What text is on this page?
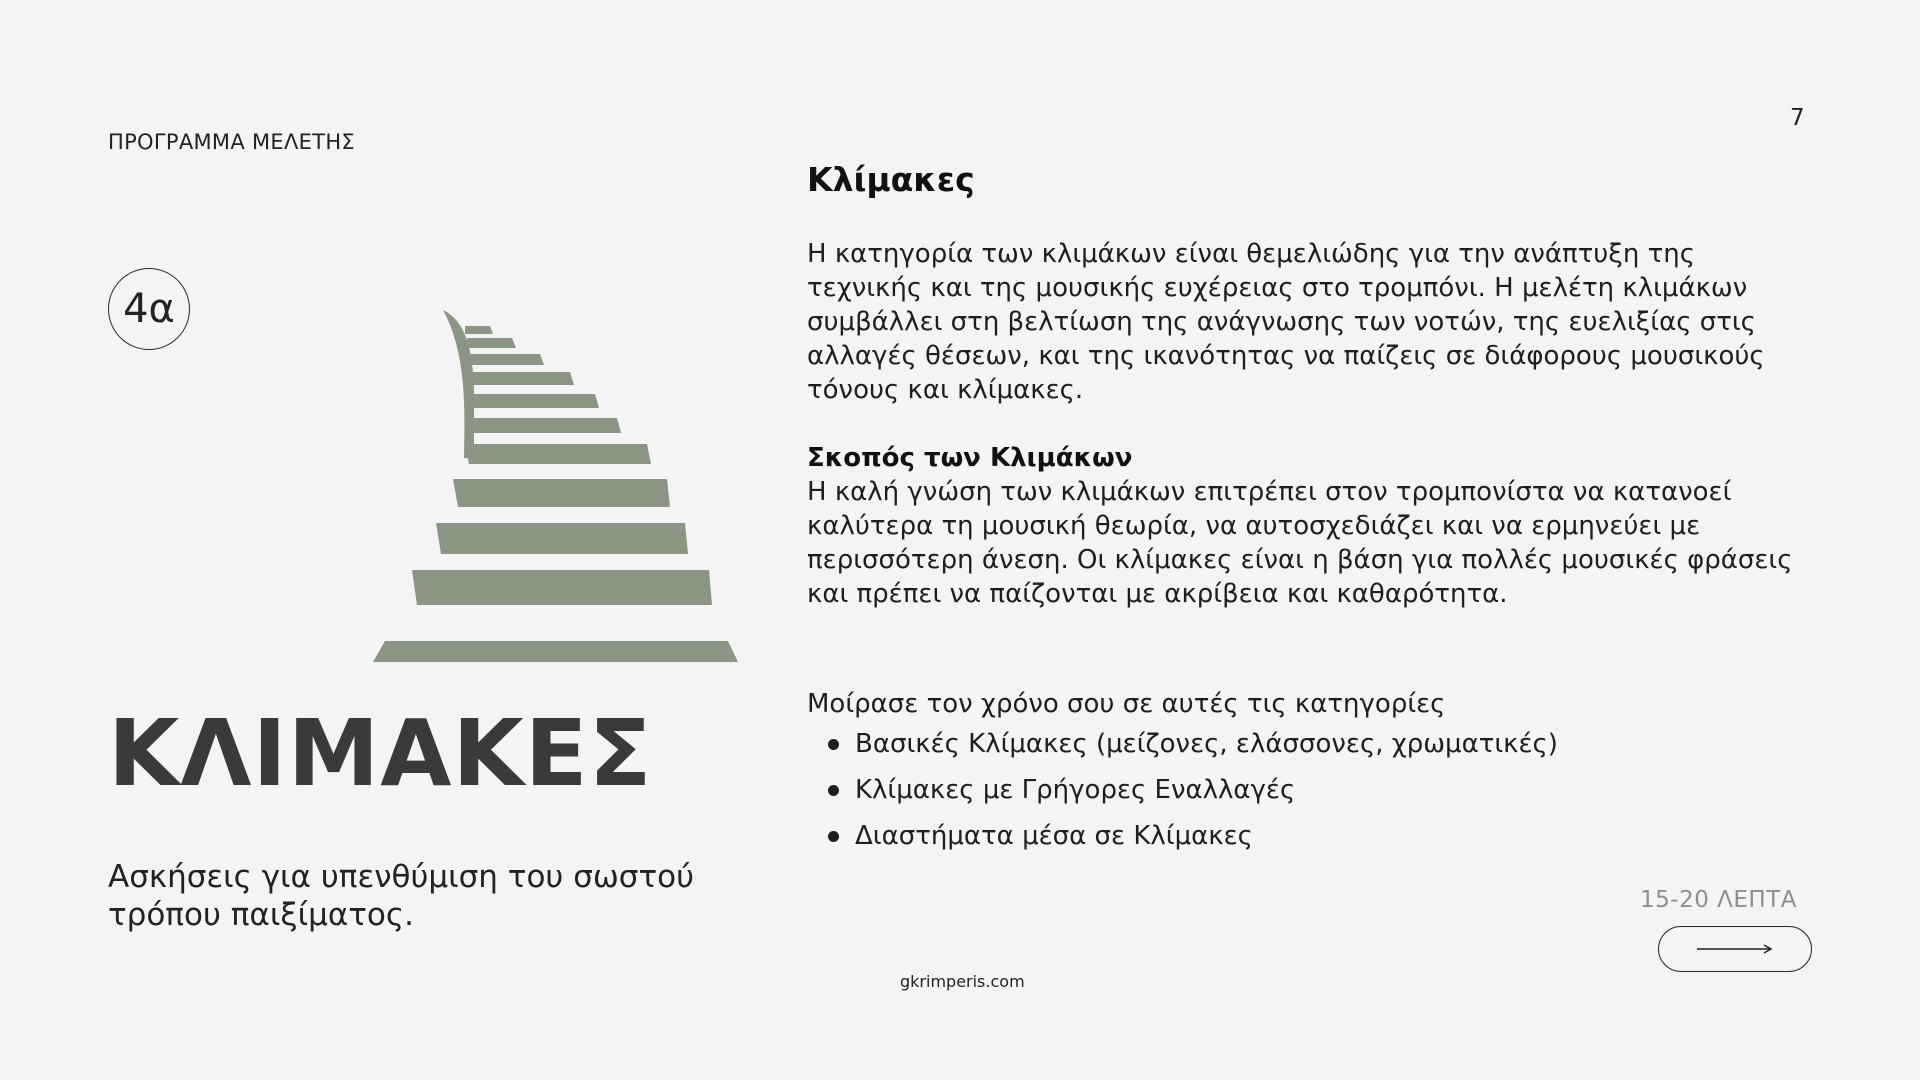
ΠΡΟΓΡΑΜΜΑ ΜΕΛΕΤΗΣ
7
4α
ΚΛΙΜΑΚΕΣ
Ασκήσεις για υπενθύμιση του σωστού τρόπου παιξίματος.
Κλίμακες

Η κατηγορία των κλιμάκων είναι θεμελιώδης για την ανάπτυξη της τεχνικής και της μουσικής ευχέρειας στο τρομπόνι. Η μελέτη κλιμάκων συμβάλλει στη βελτίωση της ανάγνωσης των νοτών, της ευελιξίας στις αλλαγές θέσεων, και της ικανότητας να παίζεις σε διάφορους μουσικούς τόνους και κλίμακες.

Σκοπός των Κλιμάκων

Η καλή γνώση των κλιμάκων επιτρέπει στον τρομπονίστα να κατανοεί καλύτερα τη μουσική θεωρία, να αυτοσχεδιάζει και να ερμηνεύει με περισσότερη άνεση. Οι κλίμακες είναι η βάση για πολλές μουσικές φράσεις και πρέπει να παίζονται με ακρίβεια και καθαρότητα.

Μοίρασε τον χρόνο σου σε αυτές τις κατηγορίες

Βασικές Κλίμακες (μείζονες, ελάσσονες, χρωματικές)
Κλίμακες με Γρήγορες Εναλλαγές
Διαστήματα μέσα σε Κλίμακες
15-20 ΛΕΠΤΑ
gkrimperis.com
